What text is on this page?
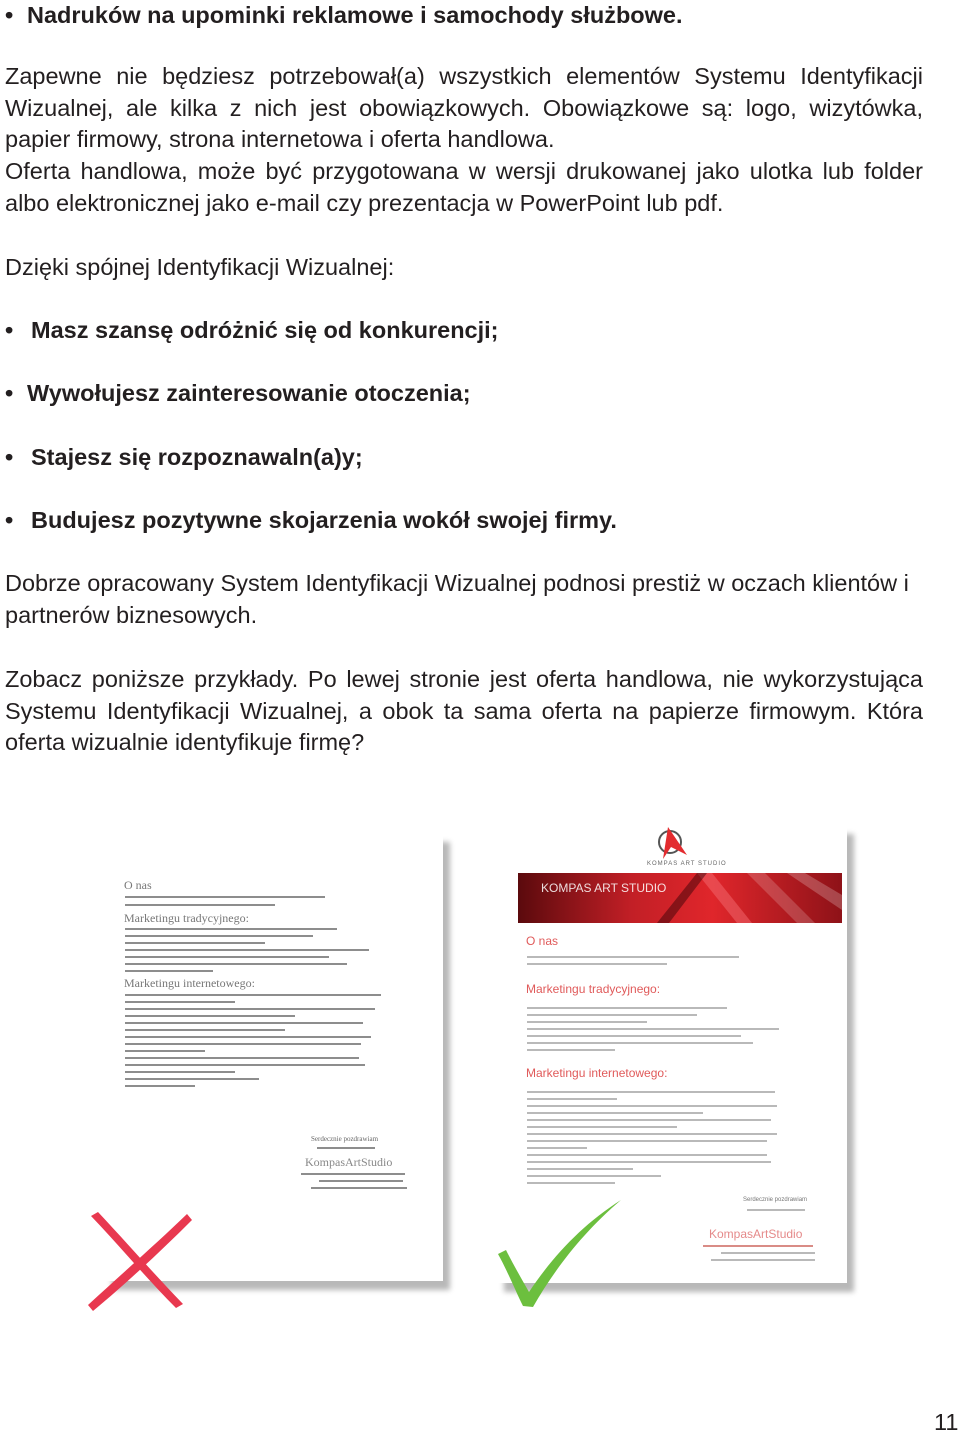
• Nadruków na upominki reklamowe i samochody służbowe.
Zapewne nie będziesz potrzebował(a) wszystkich elementów Systemu Identyfikacji Wizualnej, ale kilka z nich jest obowiązkowych. Obowiązkowe są: logo, wizytówka, papier firmowy, strona internetowa i oferta handlowa.
Oferta handlowa, może być przygotowana w wersji drukowanej jako ulotka lub folder albo elektronicznej jako e-mail czy prezentacja w PowerPoint lub pdf.
Dzięki spójnej Identyfikacji Wizualnej:
• Masz szansę odróżnić się od konkurencji;
• Wywołujesz zainteresowanie otoczenia;
• Stajesz się rozpoznawaln(a)y;
• Budujesz pozytywne skojarzenia wokół swojej firmy.
Dobrze opracowany System Identyfikacji Wizualnej podnosi prestiż w oczach klientów i partnerów biznesowych.
Zobacz poniższe przykłady. Po lewej stronie jest oferta handlowa, nie wykorzystująca Systemu Identyfikacji Wizualnej, a obok ta sama oferta na papierze firmowym. Która oferta wizualnie identyfikuje firmę?
O nas
Marketingu tradycyjnego:
Marketingu internetowego:
Serdecznie pozdrawiam
KompasArtStudio
KOMPAS ART STUDIO
KOMPAS ART STUDIO
O nas
Marketingu tradycyjnego:
Marketingu internetowego:
Serdecznie pozdrawiam
KompasArtStudio
11
